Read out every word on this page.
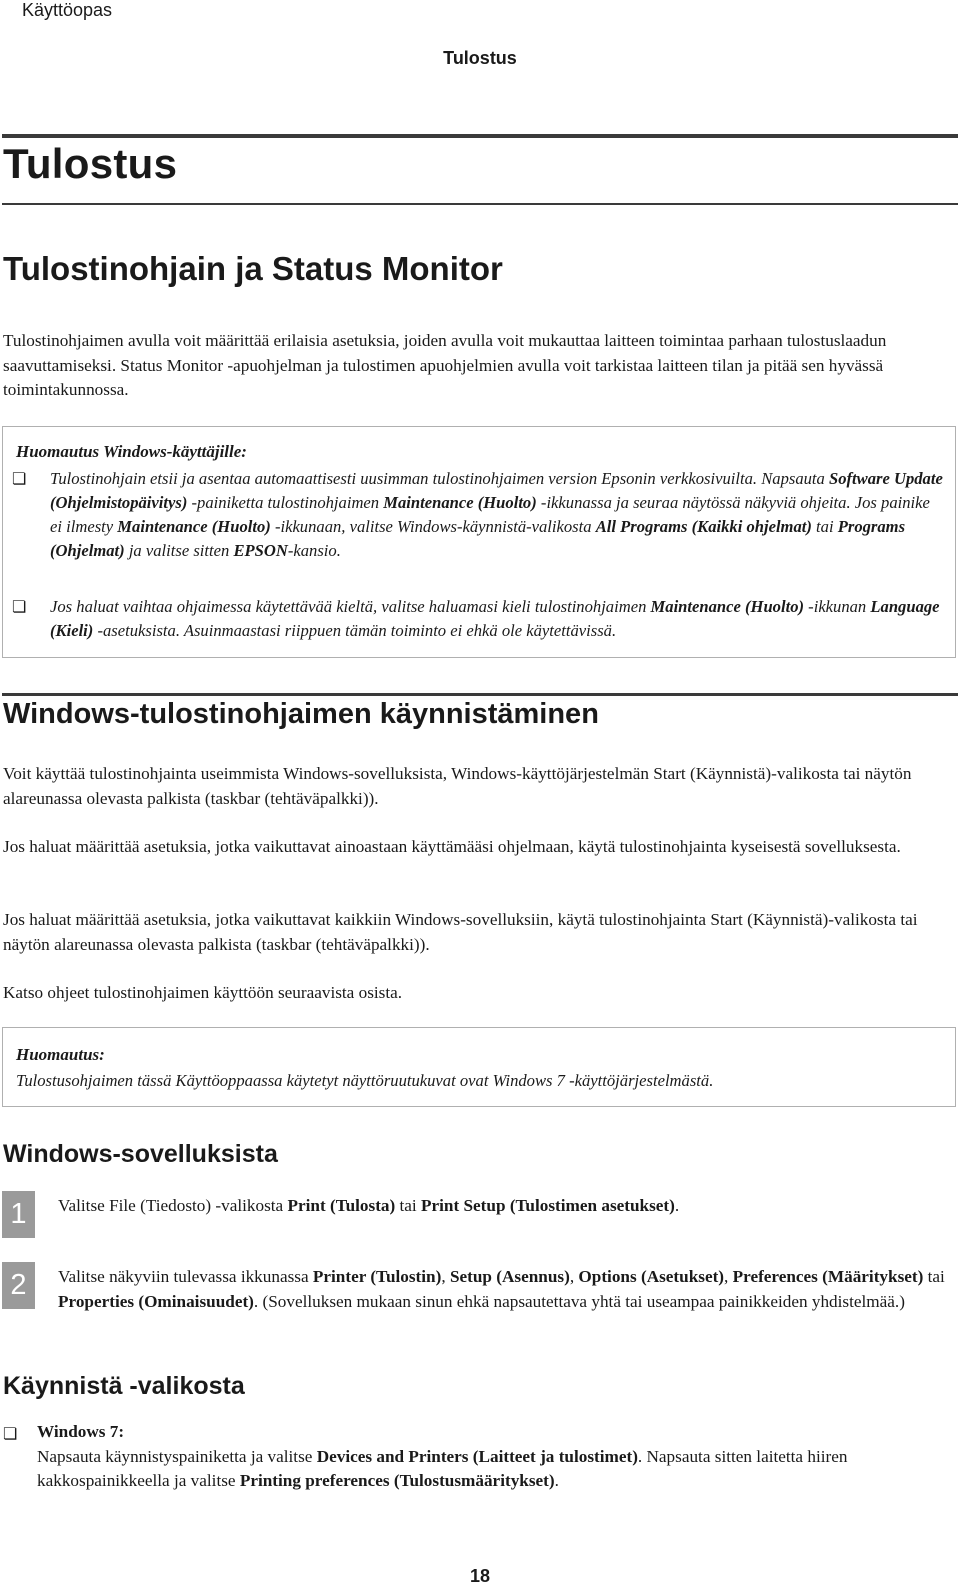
Käyttöopas
Tulostus
Tulostus
Tulostinohjain ja Status Monitor

Tulostinohjaimen avulla voit määrittää erilaisia asetuksia, joiden avulla voit mukauttaa laitteen toimintaa parhaan tulostuslaadun saavuttamiseksi. Status Monitor -apuohjelman ja tulostimen apuohjelmien avulla voit tarkistaa laitteen tilan ja pitää sen hyvässä toimintakunnossa.

Huomautus Windows-käyttäjille:
❏ Tulostinohjain etsii ja asentaa automaattisesti uusimman tulostinohjaimen version Epsonin verkkosivuilta. Napsauta Software Update (Ohjelmistopäivitys) -painiketta tulostinohjaimen Maintenance (Huolto) -ikkunassa ja seuraa näytössä näkyviä ohjeita. Jos painike ei ilmesty Maintenance (Huolto) -ikkunaan, valitse Windows-käynnistä-valikosta All Programs (Kaikki ohjelmat) tai Programs (Ohjelmat) ja valitse sitten EPSON-kansio.
❏ Jos haluat vaihtaa ohjaimessa käytettävää kieltä, valitse haluamasi kieli tulostinohjaimen Maintenance (Huolto) -ikkunan Language (Kieli) -asetuksista. Asuinmaastasi riippuen tämän toiminto ei ehkä ole käytettävissä.
Windows-tulostinohjaimen käynnistäminen

Voit käyttää tulostinohjainta useimmista Windows-sovelluksista, Windows-käyttöjärjestelmän Start (Käynnistä)-valikosta tai näytön alareunassa olevasta palkista (taskbar (tehtäväpalkki)).

Jos haluat määrittää asetuksia, jotka vaikuttavat ainoastaan käyttämääsi ohjelmaan, käytä tulostinohjainta kyseisestä sovelluksesta.

Jos haluat määrittää asetuksia, jotka vaikuttavat kaikkiin Windows-sovelluksiin, käytä tulostinohjainta Start (Käynnistä)-valikosta tai näytön alareunassa olevasta palkista (taskbar (tehtäväpalkki)).

Katso ohjeet tulostinohjaimen käyttöön seuraavista osista.

Huomautus:
Tulostusohjaimen tässä Käyttöoppaassa käytetyt näyttöruutukuvat ovat Windows 7 -käyttöjärjestelmästä.
Windows-sovelluksista
1	Valitse File (Tiedosto) -valikosta Print (Tulosta) tai Print Setup (Tulostimen asetukset).
2	Valitse näkyviin tulevassa ikkunassa Printer (Tulostin), Setup (Asennus), Options (Asetukset), Preferences (Määritykset) tai Properties (Ominaisuudet). (Sovelluksen mukaan sinun ehkä napsautettava yhtä tai useampaa painikkeiden yhdistelmää.)
Käynnistä -valikosta
❏ Windows 7:
Napsauta käynnistyspainiketta ja valitse Devices and Printers (Laitteet ja tulostimet). Napsauta sitten laitetta hiiren kakkospainikkeella ja valitse Printing preferences (Tulostusmääritykset).
18
